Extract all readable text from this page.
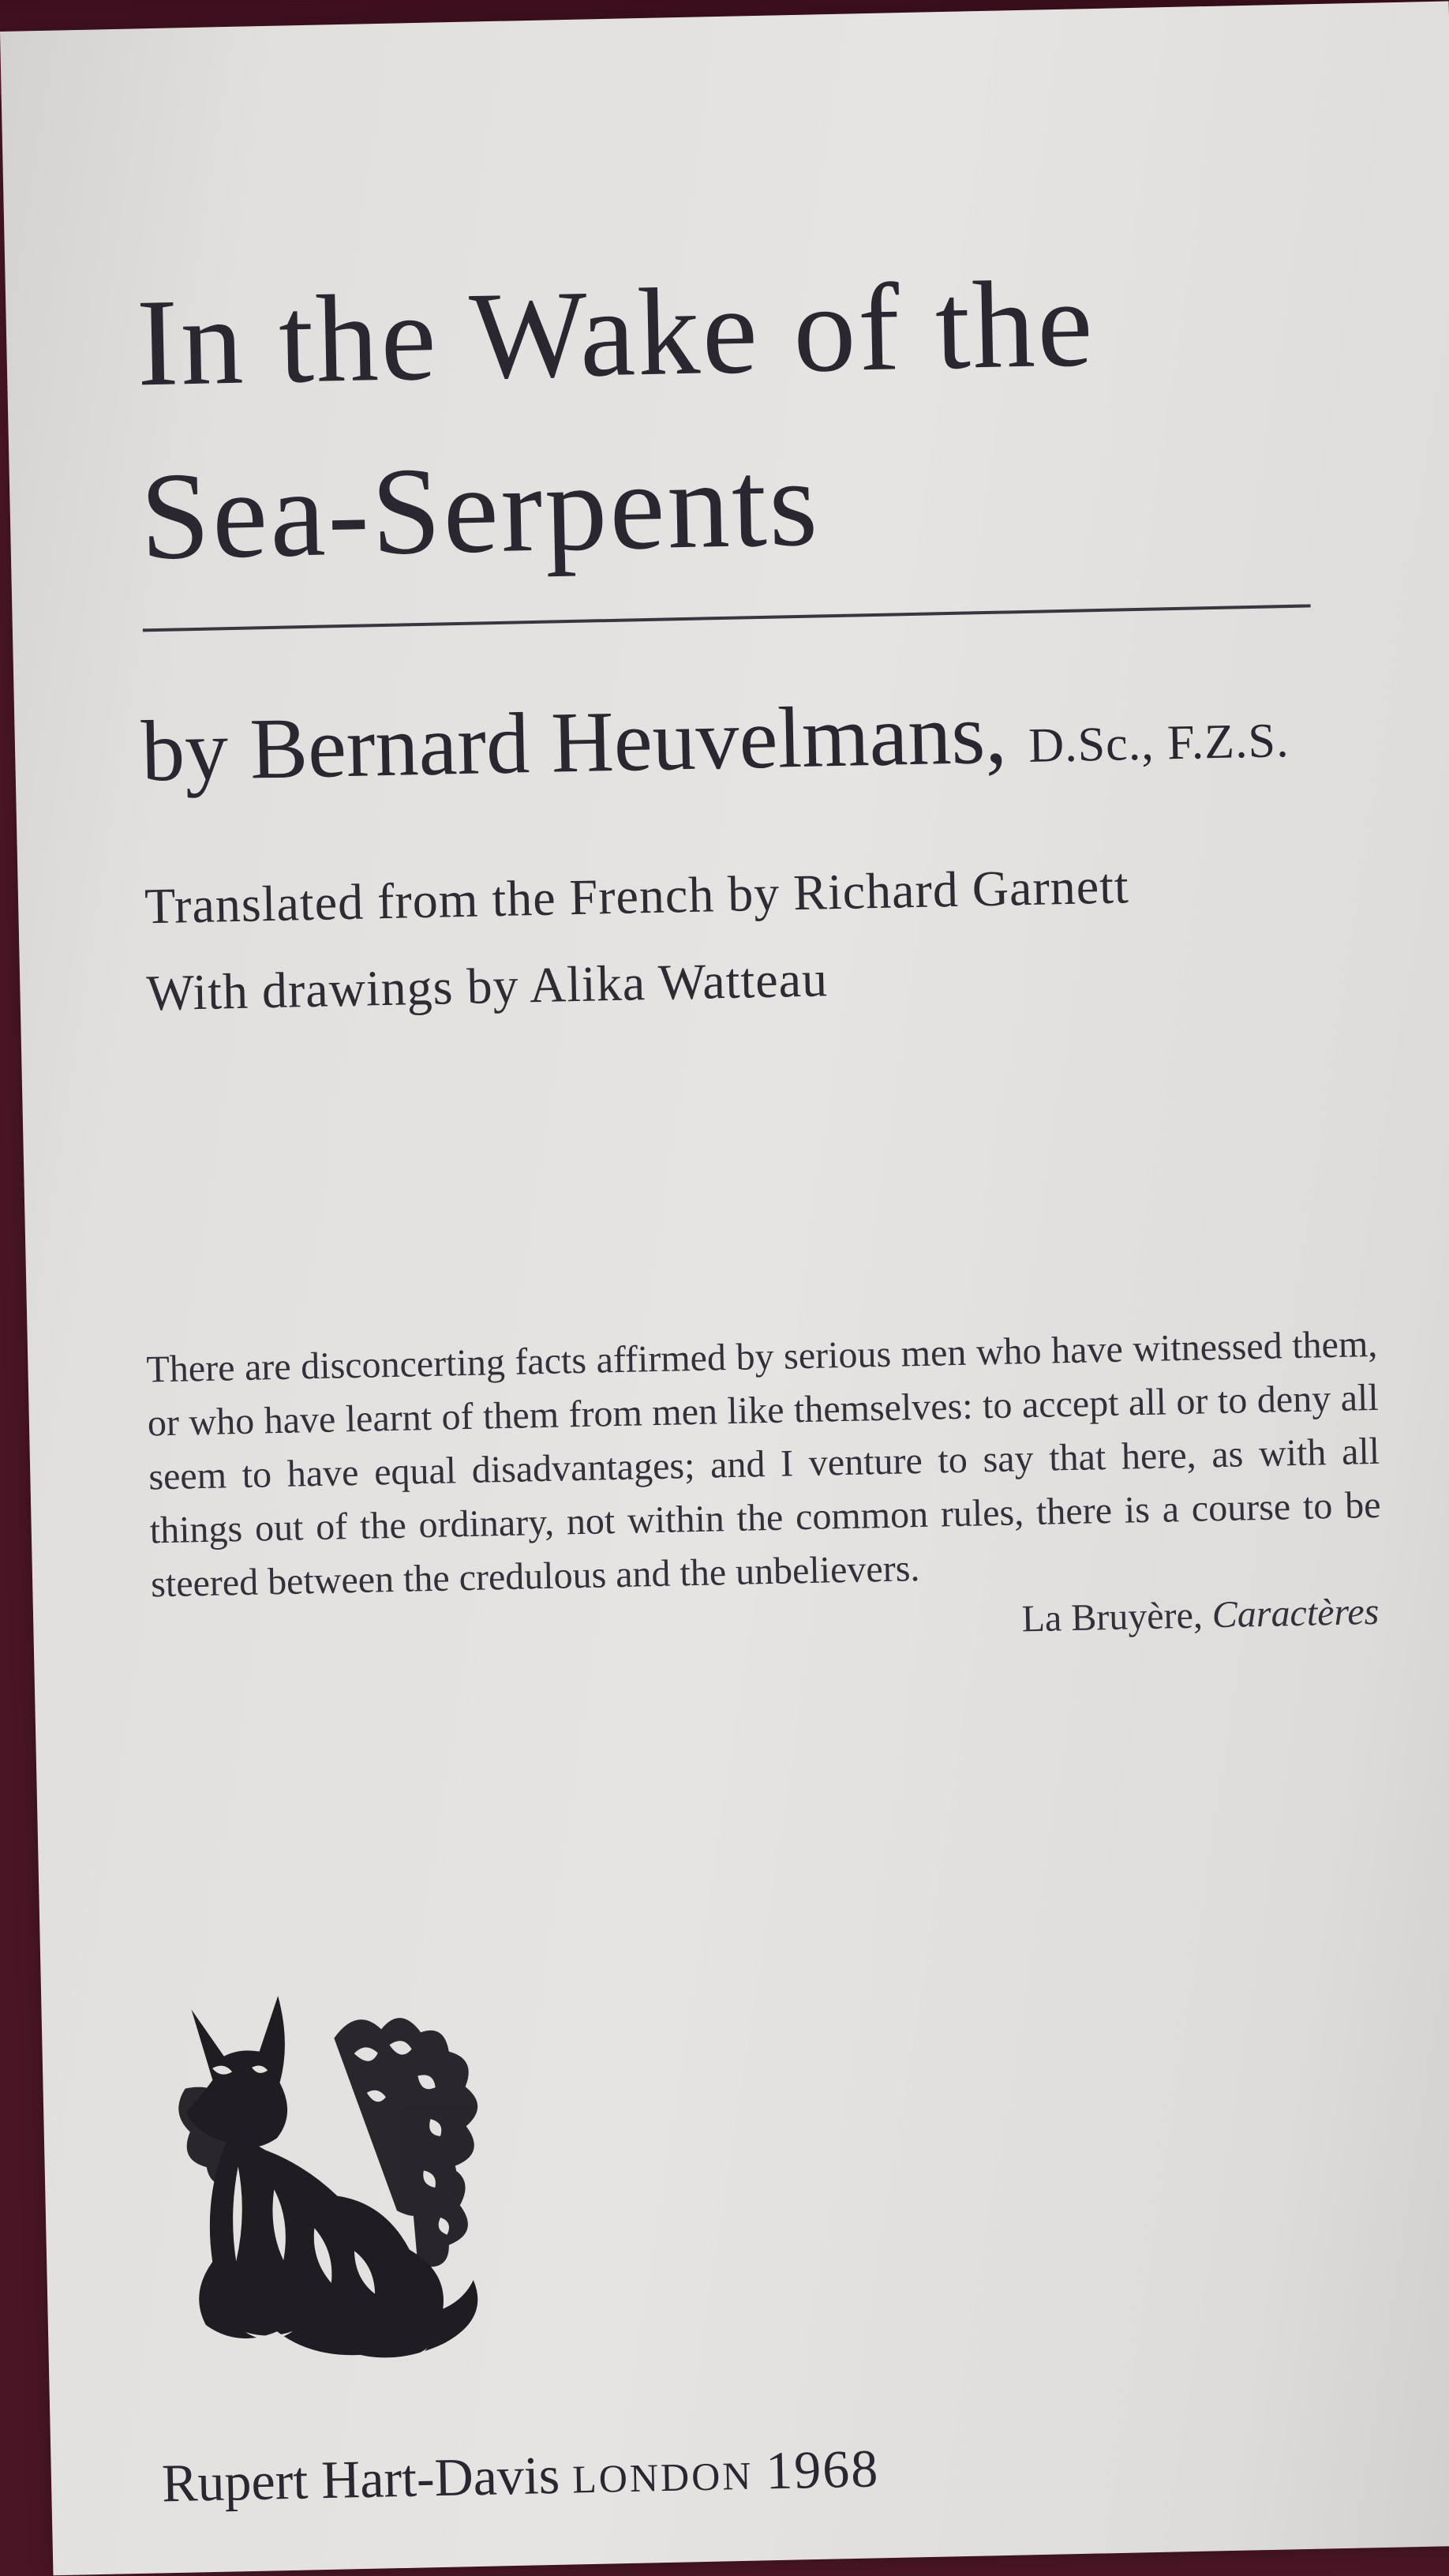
In the Wake of the
Sea-Serpents
by Bernard Heuvelmans, D.Sc., F.Z.S.
Translated from the French by Richard Garnett
With drawings by Alika Watteau
There are disconcerting facts affirmed by serious men who have witnessed them, or who have learnt of them from men like themselves: to accept all or to deny all seem to have equal disadvantages; and I venture to say that here, as with all things out of the ordinary, not within the common rules, there is a course to be steered between the credulous and the unbelievers.
La Bruyère, Caractères
Rupert Hart-Davis LONDON 1968
